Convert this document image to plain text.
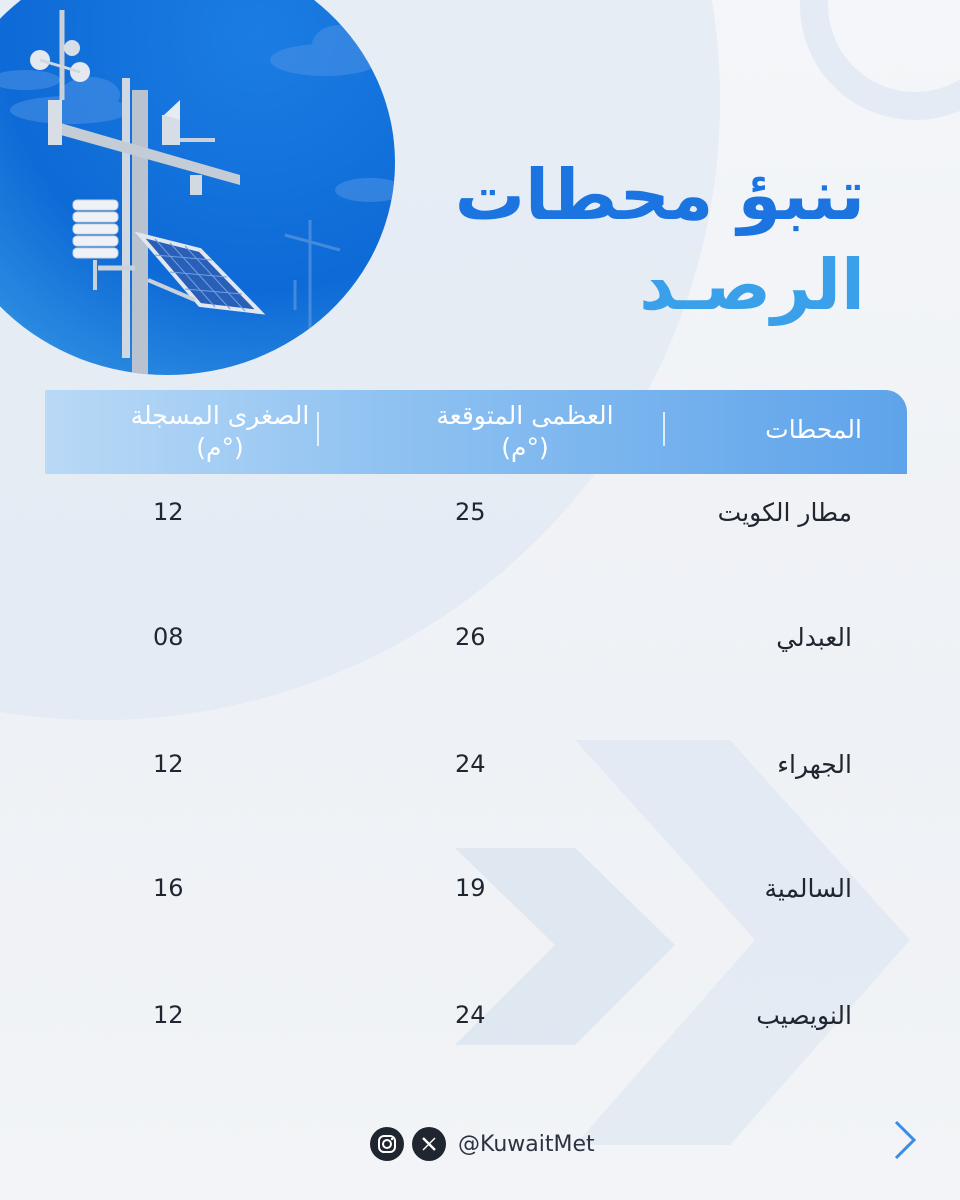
تنبؤ محطات
الرصـد
المحطات
العظمى المتوقعة
(°م)
الصغرى المسجلة
(°م)
مطار الكويت
25
12
العبدلي
26
08
الجهراء
24
12
السالمية
19
16
النويصيب
24
12
@KuwaitMet
